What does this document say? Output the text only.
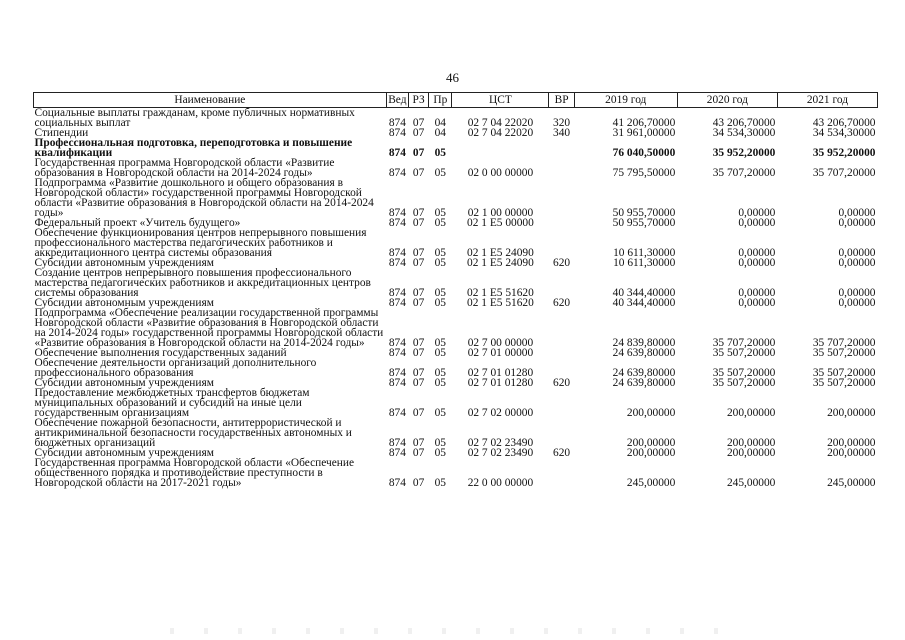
46
Наименование	Вед	РЗ	Пр	ЦСТ	ВР	2019 год	2020 год	2021 год
Социальные выплаты гражданам, кроме публичных нормативных социальных выплат	874	07	04	02 7 04 22020	320	41 206,70000	43 206,70000	43 206,70000
Стипендии	874	07	04	02 7 04 22020	340	31 961,00000	34 534,30000	34 534,30000
Профессиональная подготовка, переподготовка и повышение квалификации	874	07	05			76 040,50000	35 952,20000	35 952,20000
Государственная программа Новгородской области «Развитие образования в Новгородской области на 2014-2024 годы»	874	07	05	02 0 00 00000		75 795,50000	35 707,20000	35 707,20000
Подпрограмма «Развитие дошкольного и общего образования в Новгородской области» государственной программы Новгородской области «Развитие образования в Новгородской области на 2014-2024 годы»	874	07	05	02 1 00 00000		50 955,70000	0,00000	0,00000
Федеральный проект «Учитель будущего»	874	07	05	02 1 E5 00000		50 955,70000	0,00000	0,00000
Обеспечение функционирования центров непрерывного повышения профессионального мастерства педагогических работников и аккредитационного центра системы образования	874	07	05	02 1 E5 24090		10 611,30000	0,00000	0,00000
Субсидии автономным учреждениям	874	07	05	02 1 E5 24090	620	10 611,30000	0,00000	0,00000
Создание центров непрерывного повышения профессионального мастерства педагогических работников и аккредитационных центров системы образования	874	07	05	02 1 E5 51620		40 344,40000	0,00000	0,00000
Субсидии автономным учреждениям	874	07	05	02 1 E5 51620	620	40 344,40000	0,00000	0,00000
Подпрограмма «Обеспечение реализации государственной программы Новгородской области «Развитие образования в Новгородской области на 2014-2024 годы» государственной программы Новгородской области «Развитие образования в Новгородской области на 2014-2024 годы»	874	07	05	02 7 00 00000		24 839,80000	35 707,20000	35 707,20000
Обеспечение выполнения государственных заданий	874	07	05	02 7 01 00000		24 639,80000	35 507,20000	35 507,20000
Обеспечение деятельности организаций дополнительного профессионального образования	874	07	05	02 7 01 01280		24 639,80000	35 507,20000	35 507,20000
Субсидии автономным учреждениям	874	07	05	02 7 01 01280	620	24 639,80000	35 507,20000	35 507,20000
Предоставление межбюджетных трансфертов бюджетам муниципальных образований и субсидий на иные цели государственным организациям	874	07	05	02 7 02 00000		200,00000	200,00000	200,00000
Обеспечение пожарной безопасности, антитеррористической и антикриминальной безопасности государственных автономных и бюджетных организаций	874	07	05	02 7 02 23490		200,00000	200,00000	200,00000
Субсидии автономным учреждениям	874	07	05	02 7 02 23490	620	200,00000	200,00000	200,00000
Государственная программа Новгородской области «Обеспечение общественного порядка и противодействие преступности в Новгородской области на 2017-2021 годы»	874	07	05	22 0 00 00000		245,00000	245,00000	245,00000
